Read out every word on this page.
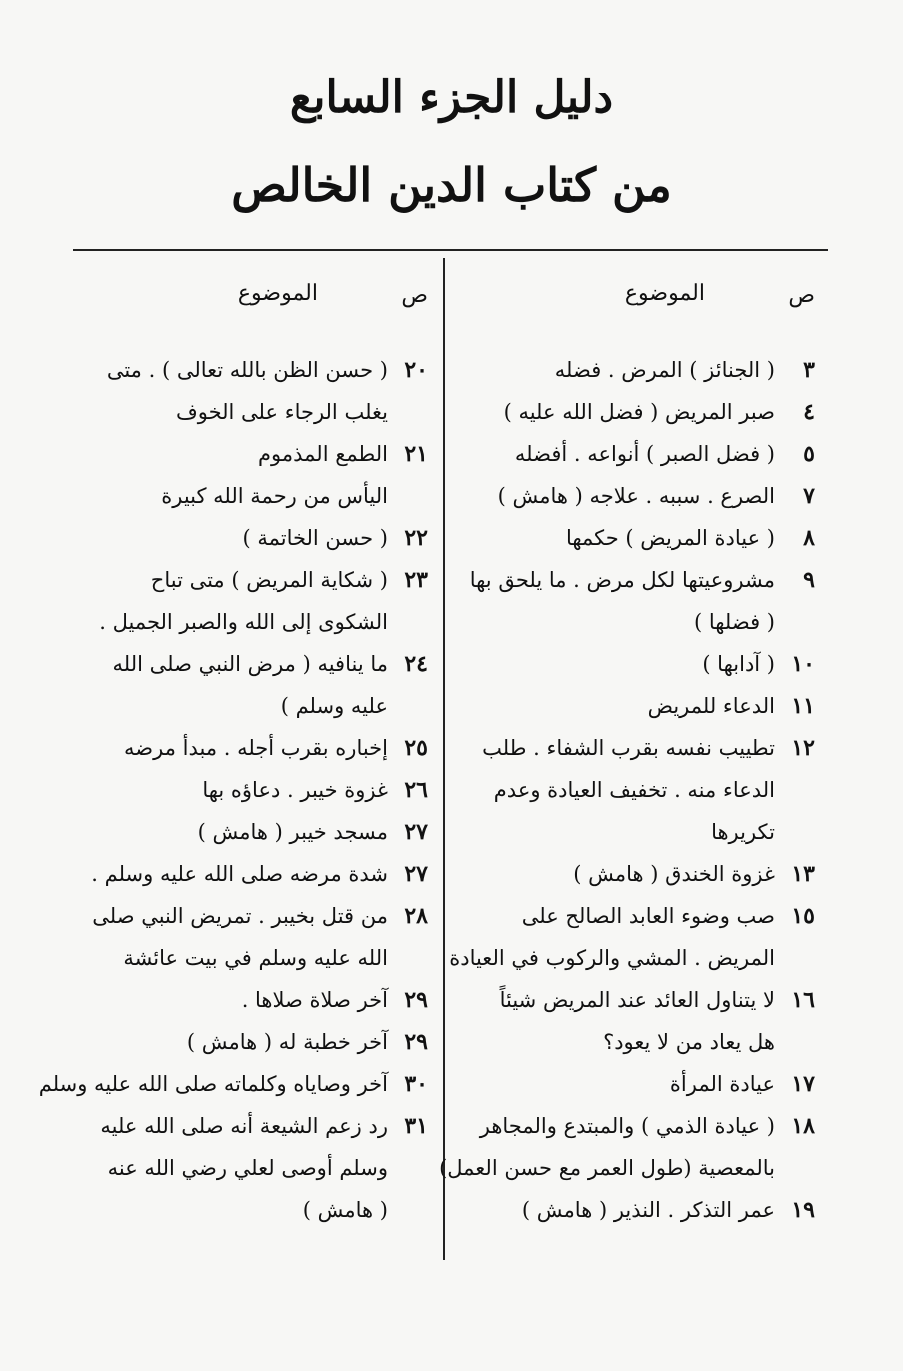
دليل الجزء السابع
من كتاب الدين الخالص
ص
الموضوع
٣
( الجنائز ) المرض . فضله
٤
صبر المريض ( فضل الله عليه )
٥
( فضل الصبر ) أنواعه . أفضله
٧
الصرع . سببه . علاجه ( هامش )
٨
( عيادة المريض ) حكمها
٩
مشروعيتها لكل مرض . ما يلحق بها
( فضلها )
١٠
( آدابها )
١١
الدعاء للمريض
١٢
تطييب نفسه بقرب الشفاء . طلب
الدعاء منه . تخفيف العيادة وعدم
تكريرها
١٣
غزوة الخندق ( هامش )
١٥
صب وضوء العابد الصالح على
المريض . المشي والركوب في العيادة
١٦
لا يتناول العائد عند المريض شيئاً
هل يعاد من لا يعود؟
١٧
عيادة المرأة
١٨
( عيادة الذمي ) والمبتدع والمجاهر
بالمعصية (طول العمر مع حسن العمل)
١٩
عمر التذكر . النذير ( هامش )
ص
الموضوع
٢٠
( حسن الظن بالله تعالى ) . متى
يغلب الرجاء على الخوف
٢١
الطمع المذموم
اليأس من رحمة الله كبيرة
٢٢
( حسن الخاتمة )
٢٣
( شكاية المريض ) متى تباح
الشكوى إلى الله والصبر الجميل .
٢٤
ما ينافيه ( مرض النبي صلى الله
عليه وسلم )
٢٥
إخباره بقرب أجله . مبدأ مرضه
٢٦
غزوة خيبر . دعاؤه بها
٢٧
مسجد خيبر ( هامش )
٢٧
شدة مرضه صلى الله عليه وسلم .
٢٨
من قتل بخيبر . تمريض النبي صلى
الله عليه وسلم في بيت عائشة
٢٩
آخر صلاة صلاها .
٢٩
آخر خطبة له ( هامش )
٣٠
آخر وصاياه وكلماته صلى الله عليه وسلم
٣١
رد زعم الشيعة أنه صلى الله عليه
وسلم أوصى لعلي رضي الله عنه
( هامش )
